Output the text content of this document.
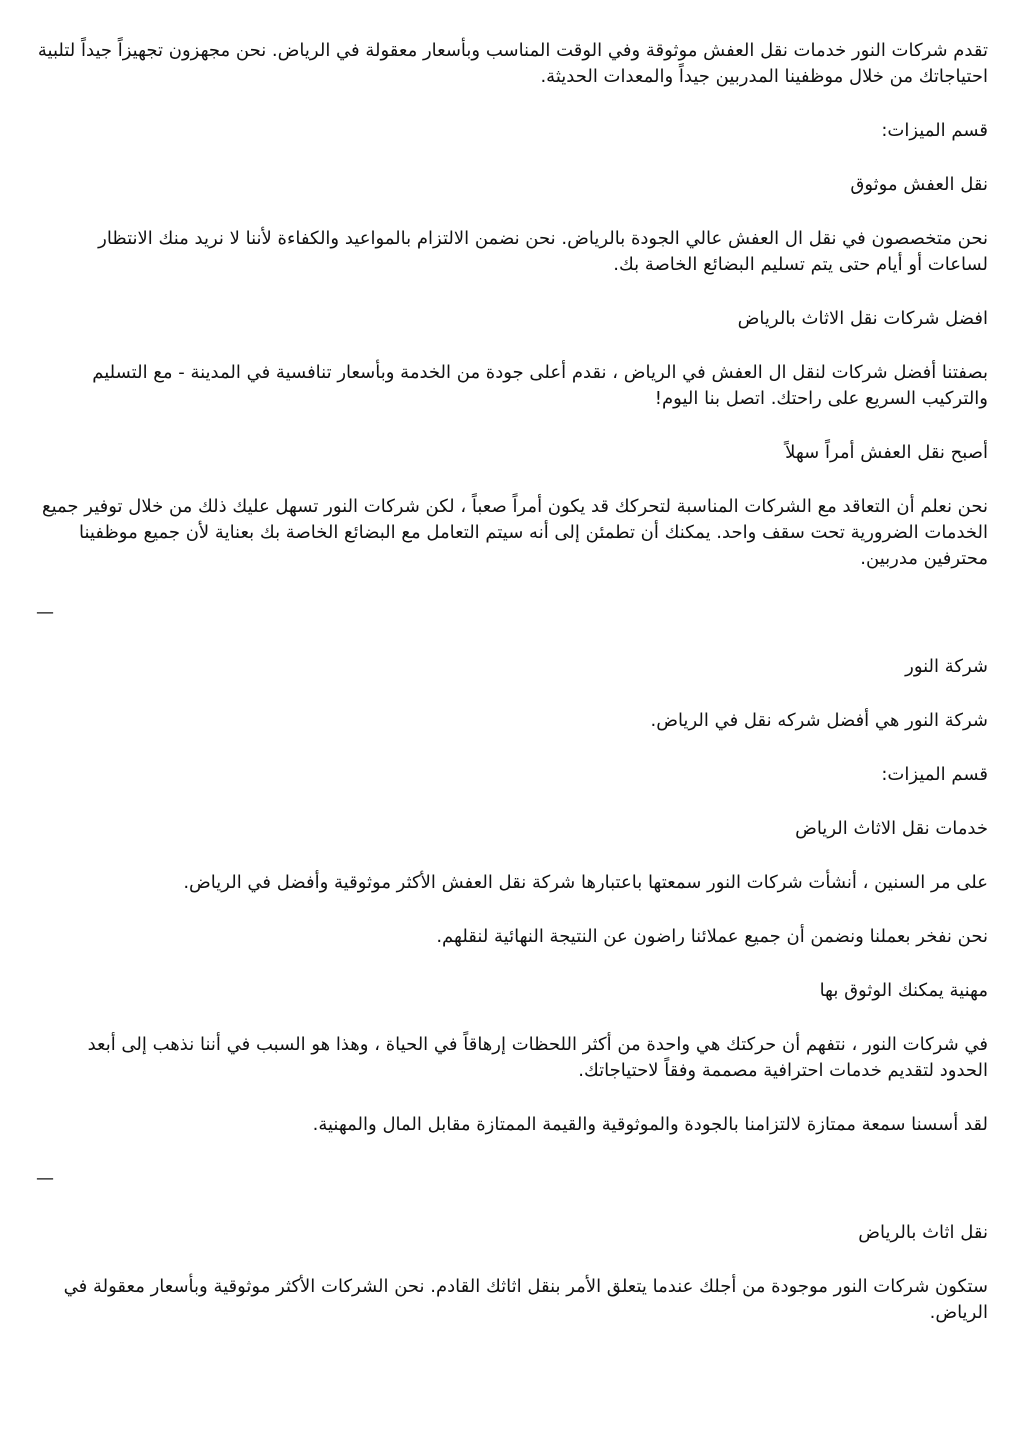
تقدم شركات النور خدمات نقل العفش موثوقة وفي الوقت المناسب وبأسعار معقولة في الرياض. نحن مجهزون تجهيزاً جيداً لتلبية احتياجاتك من خلال موظفينا المدربين جيداً والمعدات الحديثة.

قسم الميزات:

نقل العفش موثوق

نحن متخصصون في نقل ال العفش عالي الجودة بالرياض. نحن نضمن الالتزام بالمواعيد والكفاءة لأننا لا نريد منك الانتظار لساعات أو أيام حتى يتم تسليم البضائع الخاصة بك.

افضل شركات نقل الاثاث بالرياض

بصفتنا أفضل شركات لنقل ال العفش في الرياض ، نقدم أعلى جودة من الخدمة وبأسعار تنافسية في المدينة - مع التسليم والتركيب السريع على راحتك. اتصل بنا اليوم!

أصبح نقل العفش أمراً سهلاً

نحن نعلم أن التعاقد مع الشركات المناسبة لتحركك قد يكون أمراً صعباً ، لكن شركات النور تسهل عليك ذلك من خلال توفير جميع الخدمات الضرورية تحت سقف واحد. يمكنك أن تطمئن إلى أنه سيتم التعامل مع البضائع الخاصة بك بعناية لأن جميع موظفينا محترفين مدربين.

—

شركة النور

شركة النور هي أفضل شركه نقل في الرياض.

قسم الميزات:

خدمات نقل الاثاث الرياض

على مر السنين ، أنشأت شركات النور سمعتها باعتبارها شركة نقل العفش الأكثر موثوقية وأفضل في الرياض.

نحن نفخر بعملنا ونضمن أن جميع عملائنا راضون عن النتيجة النهائية لنقلهم.

مهنية يمكنك الوثوق بها

في شركات النور ، نتفهم أن حركتك هي واحدة من أكثر اللحظات إرهاقاً في الحياة ، وهذا هو السبب في أننا نذهب إلى أبعد الحدود لتقديم خدمات احترافية مصممة وفقاً لاحتياجاتك.

لقد أسسنا سمعة ممتازة لالتزامنا بالجودة والموثوقية والقيمة الممتازة مقابل المال والمهنية.

—

نقل اثاث بالرياض

ستكون شركات النور موجودة من أجلك عندما يتعلق الأمر بنقل اثاثك القادم. نحن الشركات الأكثر موثوقية وبأسعار معقولة في الرياض.
